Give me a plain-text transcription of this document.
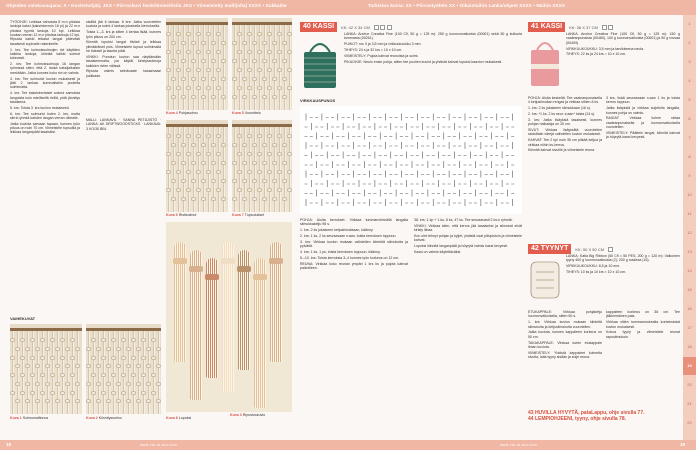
Ohjeiden valokuvaajana: A • Kuvitetut/jälj. JKS • Piirroskuvi henkilöoleellisiin JKS • Viimeistelty malli(olla) XXXX • Sukkaihe	Tarkistus kuvia: XX • Piirrostyöhön XX • Oikaistuihin Lanka/ohjeet XXXX • Näihin XXXX
1
2
3
4
5
6
7
8
9
10
11
12
13
14
15
16
17
18
19
20
21
22

TYÖOHJE: Leikkaa vahvasta 8 m:n pituisia lankoja kaksi (kaksinkerroin 16 pi) ja 22 m:n pituisia tyyntä lankoja 10 kpl. Leikkaa kuukan verran 12 m:n pituisia lankoja 12 kpl. Ripusta kaikki leikatut langat pätevästi tasaisesti sopivalle rakenteelle.

1. krs: Tee kolmoissolmujen rivi käyttäen kaikkia lankoja, kiinnitä kaikki solmut tukevasti.

2. krs: Tee kolmoissolmuja 16 langan ryhmissä siten, että 2. lanka kaksijalkaisin merkitään. Jatka kunnes koko rivi on valmis.

3. krs: Tee solmurivi kuvion mukaisesti ja jätä 2 lankaa kummaltakin puolelta solmimatta.

4. krs: Tee kaksinkertaiset solmut samoista langoista kuin edellisellä rivillä, pidä jännitys tasaisena.

5. krs: Toista 3. krs kuvion mukaisesti.

6. krs: Tee solmurivi kuten 2. krs, mutta siirrä ryhmiä kahden langan verran oikealle.

Jatka kuviota samaan tapaan, kunnes työn pituus on noin 70 cm. Viimeistele tupsuilla ja leikkaa langanpäät tasaisiksi.

sisältä jää 6 lankaa. 8 krs: Jatka vuorotellen kuviota ja solmi 4 lankaa jokaisella kierroksella.

Toista 1.–3. krs ja sitten 4 kertaa lisää, kunnes työn pituus on 200 cm.

Kiinnitä lopuksi langat tiiviisti ja leikkaa ylimääräiset pois. Viimeistele tupsut solmimalla ne tiukasti ja tasoita päät.

VINKKI: Punotun kuvion saa näyttämään tasaisemmalta, jos käytät kiristyssolmuja kaikkien rivien välissä.

Ripusta valmis seinävaate haluamaasi paikkaan.

Kuva 4 Pohjasolmu	Kuva 5 Vuorottelu
Kuva 6 Ristisolmut	Kuva 7 Tupsutukset

MALLI: LANKAVIL · SANNA PETÄJISTÖ · LANKA: AK DRIFTWOODSTICKS · LANKAVA: 3 KG/30 BBL

Kuva 3 Ripustuskuvio
VAIHEKUVAT
Kuva 1 Solmumallinnus	Kuva 2 Kiinnityssolmu	Kuva 8 Lopuksi
40 KASSI	KK: 42 X 34 CM

LANKA: Anchor Creativa Fine (100 Cfl, 50 g = 125 m): 250 g luonnonvalkoista (00001) sekä 50 g kulkuria tummasta (00261).

PUIKOT: nro 3 ja 3,5 mm ja virkkuukoukku 3 mm.

TIHEYS: 24 s ja 32 krs = 10 x 10 cm.

VIIMEISTELY: Pujota kahvat reunoista ja solmi.

PIKAOHJE: Neulo ensin pohja, sitten tee puolien kuviot ja yhdistä kahvat lopuksi kaavion mukaisesti.

VIRKKAUSPUNOS

POHJA: Aloita kerrokset. Virkkaa tummanvihreällä langalla silmukkaketju 98 s.

1. krs: 2 ks jokaiseen ketjusilmukkaan, käänny.

2. krs: 1 ks, 2 ks seuraavaan s:aan, toista kerroksen loppuun.

3. krs: Virkkaa kuvion mukaan vaihdellen kiinteitä silmukoita ja pylväitä.

4. krs: 1 ks, 1 ps, toista kerroksen loppuun, käänny.

5.–10. krs: Toista kerroksia 3–4 kunnes työn korkeus on 12 cm.

REUNA: Virkkaa koko reunan ympäri 1 krs ks ja pujota kahvat paikoilleen.

38. krs: 1 kp + 1 ks, 8 ks, 47 ks. Tee seuraavasti 2 ks:n ryhmiä.

VINKKI: Virkkaa siten, että kerros jää tasaiseksi ja silmukat eivät kiristy liikaa.

Kun olet tehnyt pohjan ja kyljet, yhdistä osat piilopistoin ja viimeistele kahvat.

Lopuksi kiinnitä langanpäät ja höyrytä valmis kassi kevyesti.

Kassi on valmis käytettäväksi.

41 KASSI	KK: 38 X 37 CM

LANKA: Anchor Creativa Fine (100 Cfl, 50 g = 125 m): 150 g vaaleanpunaista (00480), 100 g luonnonvalkoista (00001) ja 50 g roosaa (00409).

VIRKKUUKOUKKU: 3,5 mm ja tarvikkeena neula.

TIHEYS: 22 ks ja 24 krs = 10 x 10 cm.

POHJA: Aloita keskeltä. Tee vaaleanpunaisella 4 ketjusilmukan rengas ja virkkaa siihen 8 ks.

1. krs: 2 ks jokaiseen silmukkaan (16 s).

2. krs: *1 ks, 2 ks seur. s:aan* toista (24 s).

3. krs: Jatka lisäyksiä tasaisesti, kunnes pohjan halkaisija on 20 cm.

SIVUT: Virkkaa lisäyksittä vuorotellen raidoittain värejä vaihdellen kuvion mukaisesti.

KAHVAT: Tee 2 kpl noin 35 cm pitkää ketjua ja virkkaa niihin ks-kerros.

Kiinnitä kahvat sivuille ja viimeistele reuna.

3 krs, lisää seuraavaan s:aan 1 ks ja toista kerros loppuun.

Jatka lisäyksiä ja virkkaa suljetulla langalla, kunnes pohja on valmis.

RAIDAT: Virkkaa kolme raitaa vaaleanpunaisella ja luonnonvalkoisella vuorotellen.

VIIMEISTELY: Päättele langat, kiinnitä kahvat ja höyrytä kassi kevyesti.

42 TYYNYT	KK: 50 X 50 CM

LANKA: Katia Big Ribbon (50 Cfl = 50 PES, 200 g = 120 m): Valkoinen tyyny 400 g luonnonvalkoista (2); 200 g ruskeaa (16).

VIRKKUUKOUKKU: 8,5 ja 10 mm.

TIHEYS: 10 ks ja 10 krs = 10 x 10 cm.

ETUKAPPALE: Virkkaa pohjaketju luonnonvalkoisella, sitten 50 s.

1. krs: Virkkaa kuvion mukaan kiinteitä silmukoita ja ketjusilmukoita vuorotellen.

Jatka kuviota, kunnes kappaleen korkeus on 50 cm.

TAKAKAPPALE: Virkkaa kuten etukappale ilman kuviota.

VIIMEISTELY: Yhdistä kappaleet kolmelta sivulta, laita tyyny sisään ja sulje reuna.

kappaleen korkeus on 36 cm. Tee jälkimmäinen pala.

Virkkaa sitten tummanruskealla koristeraidat kuvion mukaisesti.

Kokoa tyyny ja viimeistele reunat rapusilmukoin.

43 HUVILLA HYVYTÄ, pataLappu, ohje sivulla 77.
44 LEMPIOHJEENI, tyyny, ohje sivulla 78.
18	www.vie-ra-kru.com	www.vie-ra-kru.com	19
